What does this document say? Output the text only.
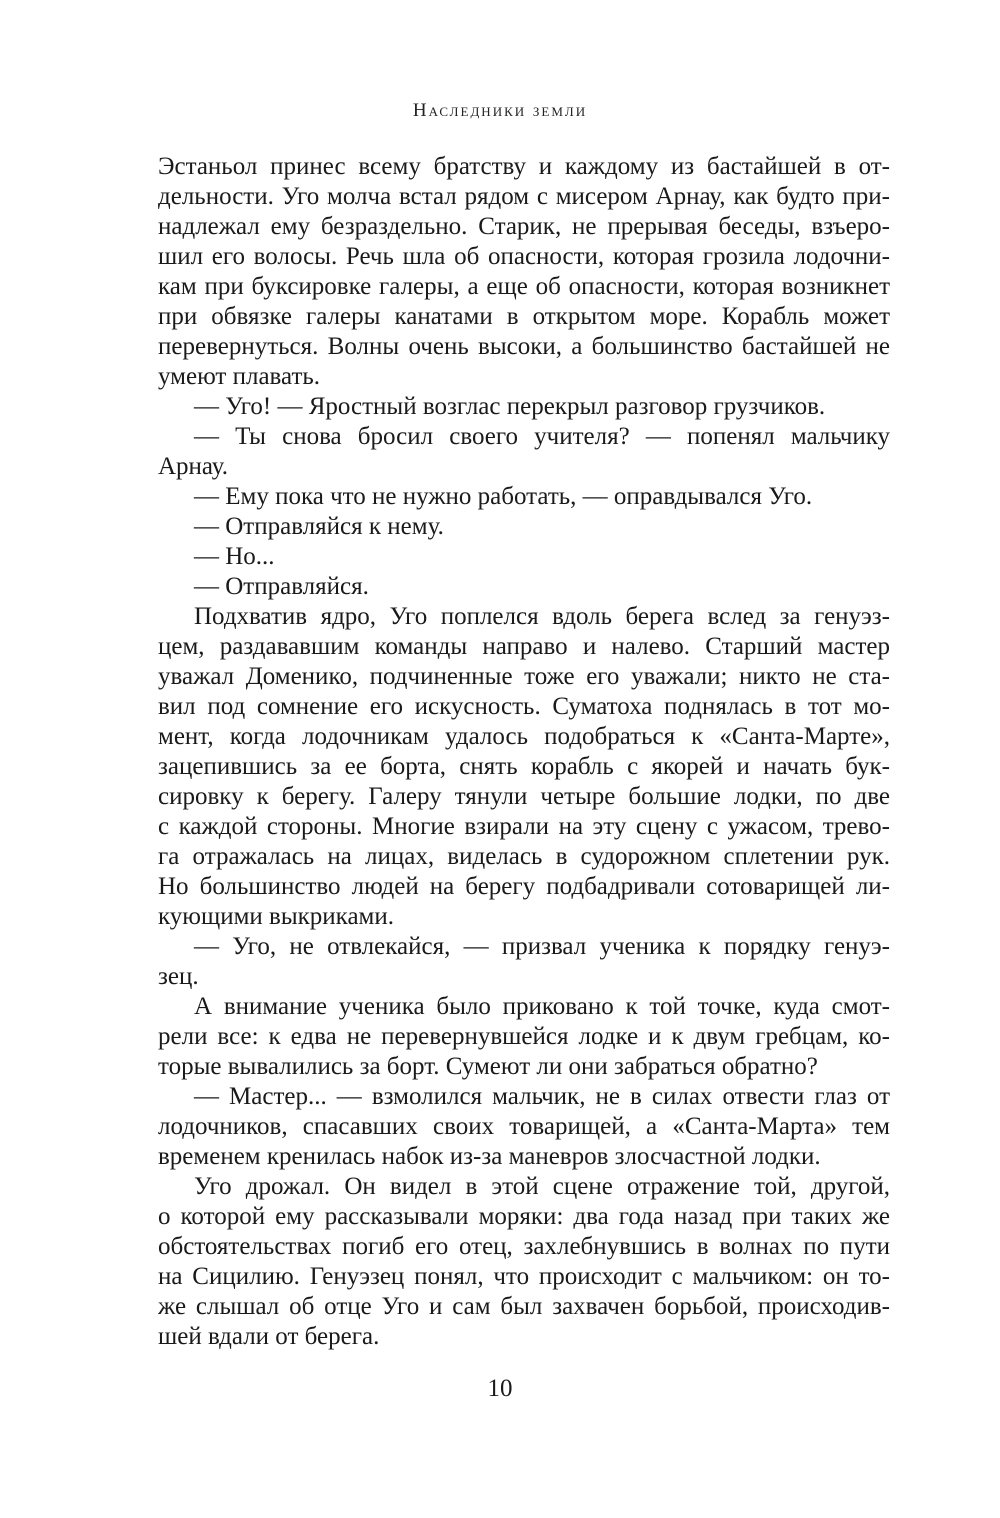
Наследники земли
Эстаньол принес всему братству и каждому из бастайшей в от-
дельности. Уго молча встал рядом с мисером Арнау, как будто при-
надлежал ему безраздельно. Старик, не прерывая беседы, взъеро-
шил его волосы. Речь шла об опасности, которая грозила лодочни-
кам при буксировке галеры, а еще об опасности, которая возникнет
при обвязке галеры канатами в открытом море. Корабль может
перевернуться. Волны очень высоки, а большинство бастайшей не
умеют плавать.
— Уго! — Яростный возглас перекрыл разговор грузчиков.
— Ты снова бросил своего учителя? — попенял мальчику
Арнау.
— Ему пока что не нужно работать, — оправдывался Уго.
— Отправляйся к нему.
— Но...
— Отправляйся.
Подхватив ядро, Уго поплелся вдоль берега вслед за генуэз-
цем, раздававшим команды направо и налево. Старший мастер
уважал Доменико, подчиненные тоже его уважали; никто не ста-
вил под сомнение его искусность. Суматоха поднялась в тот мо-
мент, когда лодочникам удалось подобраться к «Санта-Марте»,
зацепившись за ее борта, снять корабль с якорей и начать бук-
сировку к берегу. Галеру тянули четыре большие лодки, по две
с каждой стороны. Многие взирали на эту сцену с ужасом, трево-
га отражалась на лицах, виделась в судорожном сплетении рук.
Но большинство людей на берегу подбадривали сотоварищей ли-
кующими выкриками.
— Уго, не отвлекайся, — призвал ученика к порядку генуэ-
зец.
А внимание ученика было приковано к той точке, куда смот-
рели все: к едва не перевернувшейся лодке и к двум гребцам, ко-
торые вывалились за борт. Сумеют ли они забраться обратно?
— Мастер... — взмолился мальчик, не в силах отвести глаз от
лодочников, спасавших своих товарищей, а «Санта-Марта» тем
временем кренилась набок из-за маневров злосчастной лодки.
Уго дрожал. Он видел в этой сцене отражение той, другой,
о которой ему рассказывали моряки: два года назад при таких же
обстоятельствах погиб его отец, захлебнувшись в волнах по пути
на Сицилию. Генуэзец понял, что происходит с мальчиком: он то-
же слышал об отце Уго и сам был захвачен борьбой, происходив-
шей вдали от берега.
10
